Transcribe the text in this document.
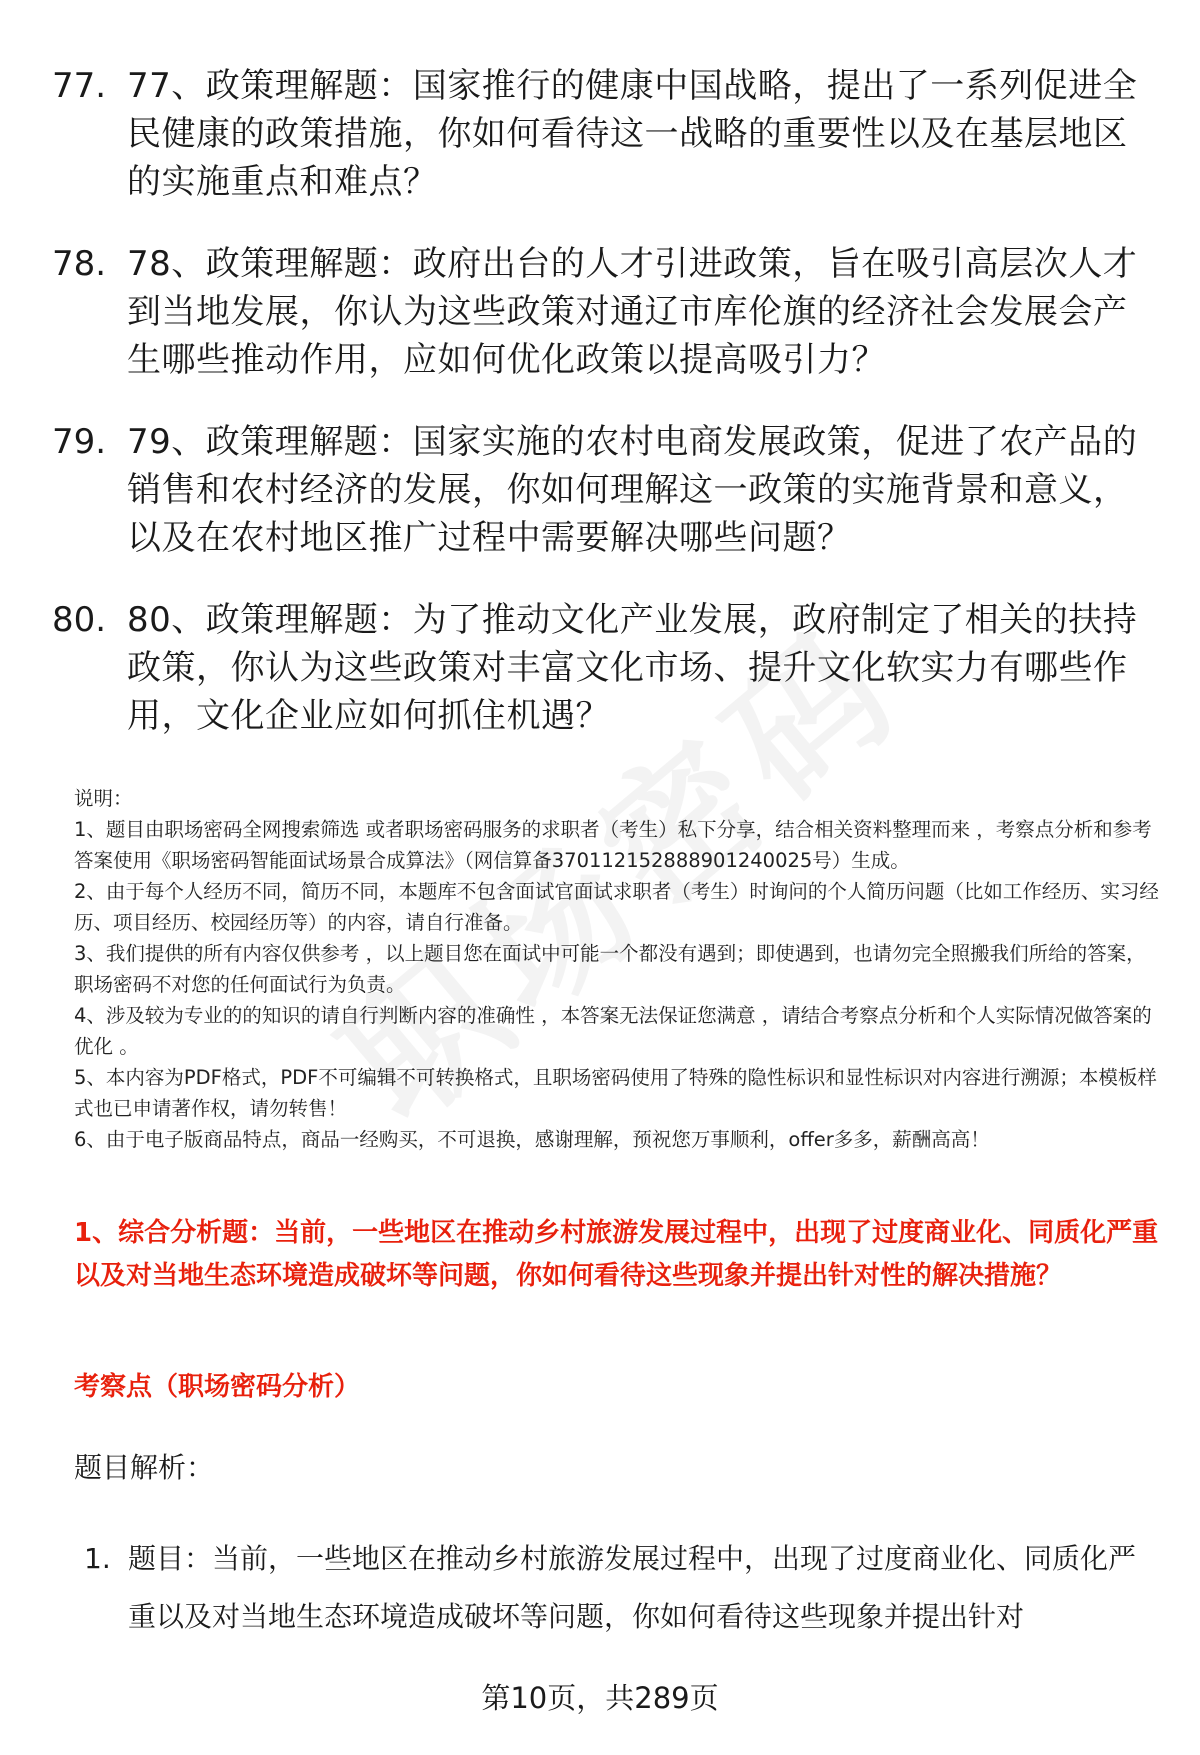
77. 77、政策理解题：国家推行的健康中国战略，提出了一系列促进全民健康的政策措施，你如何看待这一战略的重要性以及在基层地区的实施重点和难点？
78. 78、政策理解题：政府出台的人才引进政策，旨在吸引高层次人才到当地发展，你认为这些政策对通辽市库伦旗的经济社会发展会产生哪些推动作用，应如何优化政策以提高吸引力？
79. 79、政策理解题：国家实施的农村电商发展政策，促进了农产品的销售和农村经济的发展，你如何理解这一政策的实施背景和意义，以及在农村地区推广过程中需要解决哪些问题？
80. 80、政策理解题：为了推动文化产业发展，政府制定了相关的扶持政策，你认为这些政策对丰富文化市场、提升文化软实力有哪些作用，文化企业应如何抓住机遇？

说明：

1、题目由职场密码全网搜索筛选 或者职场密码服务的求职者（考生）私下分享，结合相关资料整理而来 ，考察点分析和参考答案使用《职场密码智能面试场景合成算法》（网信算备370112152888901240025号）生成。

2、由于每个人经历不同，简历不同，本题库不包含面试官面试求职者（考生）时询问的个人简历问题（比如工作经历、实习经历、项目经历、校园经历等）的内容，请自行准备。

3、我们提供的所有内容仅供参考 ，以上题目您在面试中可能一个都没有遇到；即使遇到，也请勿完全照搬我们所给的答案，职场密码不对您的任何面试行为负责。

4、涉及较为专业的的知识的请自行判断内容的准确性 ，本答案无法保证您满意 ，请结合考察点分析和个人实际情况做答案的优化 。

5、本内容为PDF格式，PDF不可编辑不可转换格式，且职场密码使用了特殊的隐性标识和显性标识对内容进行溯源；本模板样式也已申请著作权，请勿转售！

6、由于电子版商品特点，商品一经购买，不可退换，感谢理解，预祝您万事顺利，offer多多，薪酬高高！

1、综合分析题：当前，一些地区在推动乡村旅游发展过程中，出现了过度商业化、同质化严重以及对当地生态环境造成破坏等问题，你如何看待这些现象并提出针对性的解决措施？
考察点（职场密码分析）
题目解析：
1. 题目：当前，一些地区在推动乡村旅游发展过程中，出现了过度商业化、同质化严重以及对当地生态环境造成破坏等问题，你如何看待这些现象并提出针对
第10页，共289页
